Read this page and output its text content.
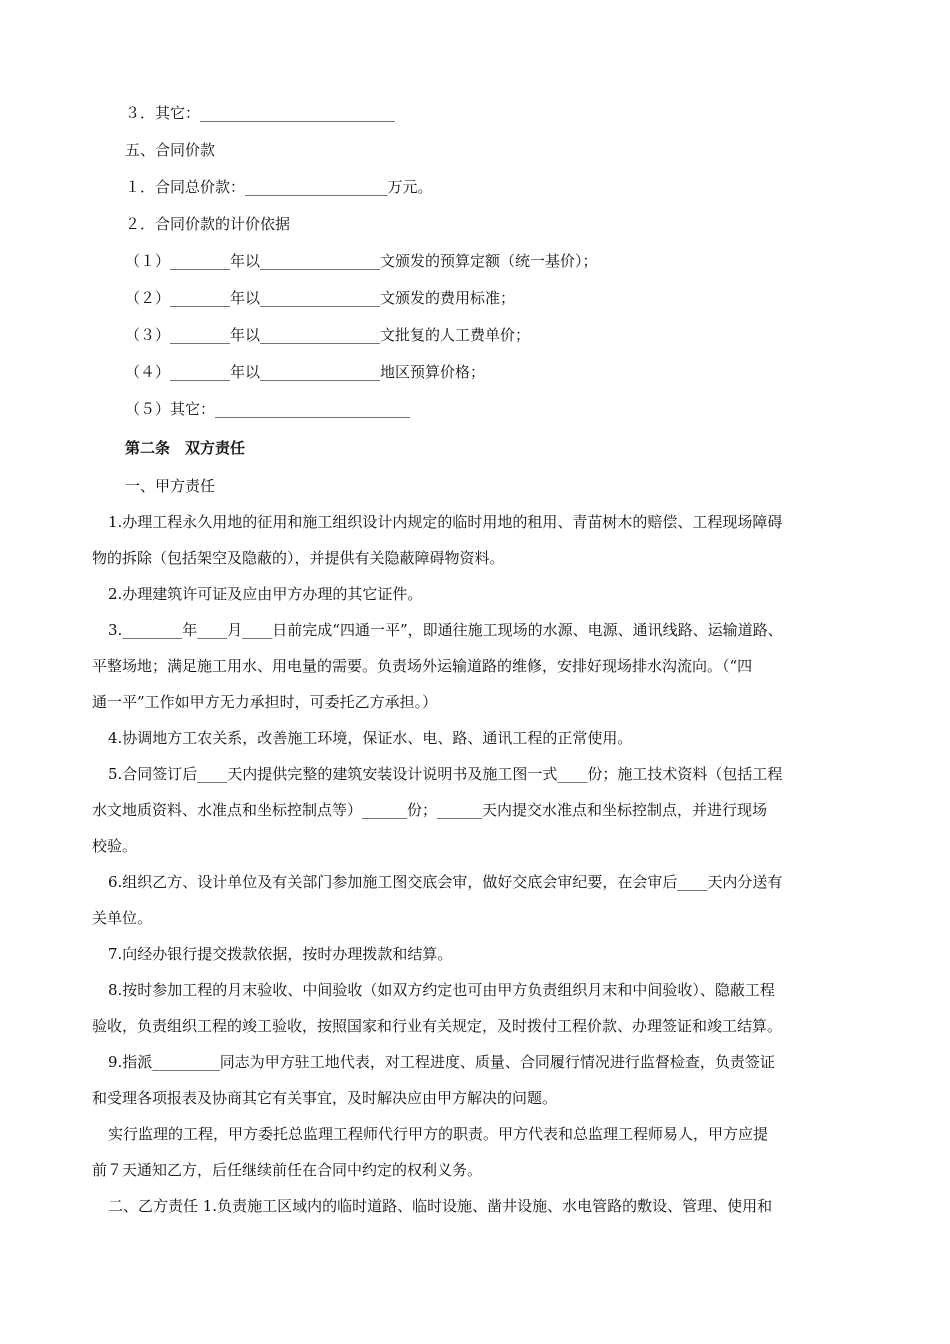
３．其它：__________________________
五、合同价款
１．合同总价款：___________________万元。
２．合同价款的计价依据
（１）________年以________________文颁发的预算定额（统一基价）；
（２）________年以________________文颁发的费用标准；
（３）________年以________________文批复的人工费单价；
（４）________年以________________地区预算价格；
（５）其它：__________________________
第二条　双方责任
一、甲方责任
1.办理工程永久用地的征用和施工组织设计内规定的临时用地的租用、青苗树木的赔偿、工程现场障碍
物的拆除（包括架空及隐蔽的），并提供有关隐蔽障碍物资料。
2.办理建筑许可证及应由甲方办理的其它证件。
3.________年____月____日前完成“四通一平”，即通往施工现场的水源、电源、通讯线路、运输道路、
平整场地；满足施工用水、用电量的需要。负责场外运输道路的维修，安排好现场排水沟流向。（“四
通一平”工作如甲方无力承担时，可委托乙方承担。）
4.协调地方工农关系，改善施工环境，保证水、电、路、通讯工程的正常使用。
5.合同签订后____天内提供完整的建筑安装设计说明书及施工图一式____份；施工技术资料（包括工程
水文地质资料、水准点和坐标控制点等）______份；______天内提交水准点和坐标控制点，并进行现场
校验。
6.组织乙方、设计单位及有关部门参加施工图交底会审，做好交底会审纪要，在会审后____天内分送有
关单位。
7.向经办银行提交拨款依据，按时办理拨款和结算。
8.按时参加工程的月末验收、中间验收（如双方约定也可由甲方负责组织月末和中间验收）、隐蔽工程
验收，负责组织工程的竣工验收，按照国家和行业有关规定，及时拨付工程价款、办理签证和竣工结算。
9.指派_________同志为甲方驻工地代表，对工程进度、质量、合同履行情况进行监督检查，负责签证
和受理各项报表及协商其它有关事宜，及时解决应由甲方解决的问题。
实行监理的工程，甲方委托总监理工程师代行甲方的职责。甲方代表和总监理工程师易人，甲方应提
前７天通知乙方，后任继续前任在合同中约定的权利义务。
二、乙方责任 1.负责施工区域内的临时道路、临时设施、凿井设施、水电管路的敷设、管理、使用和
